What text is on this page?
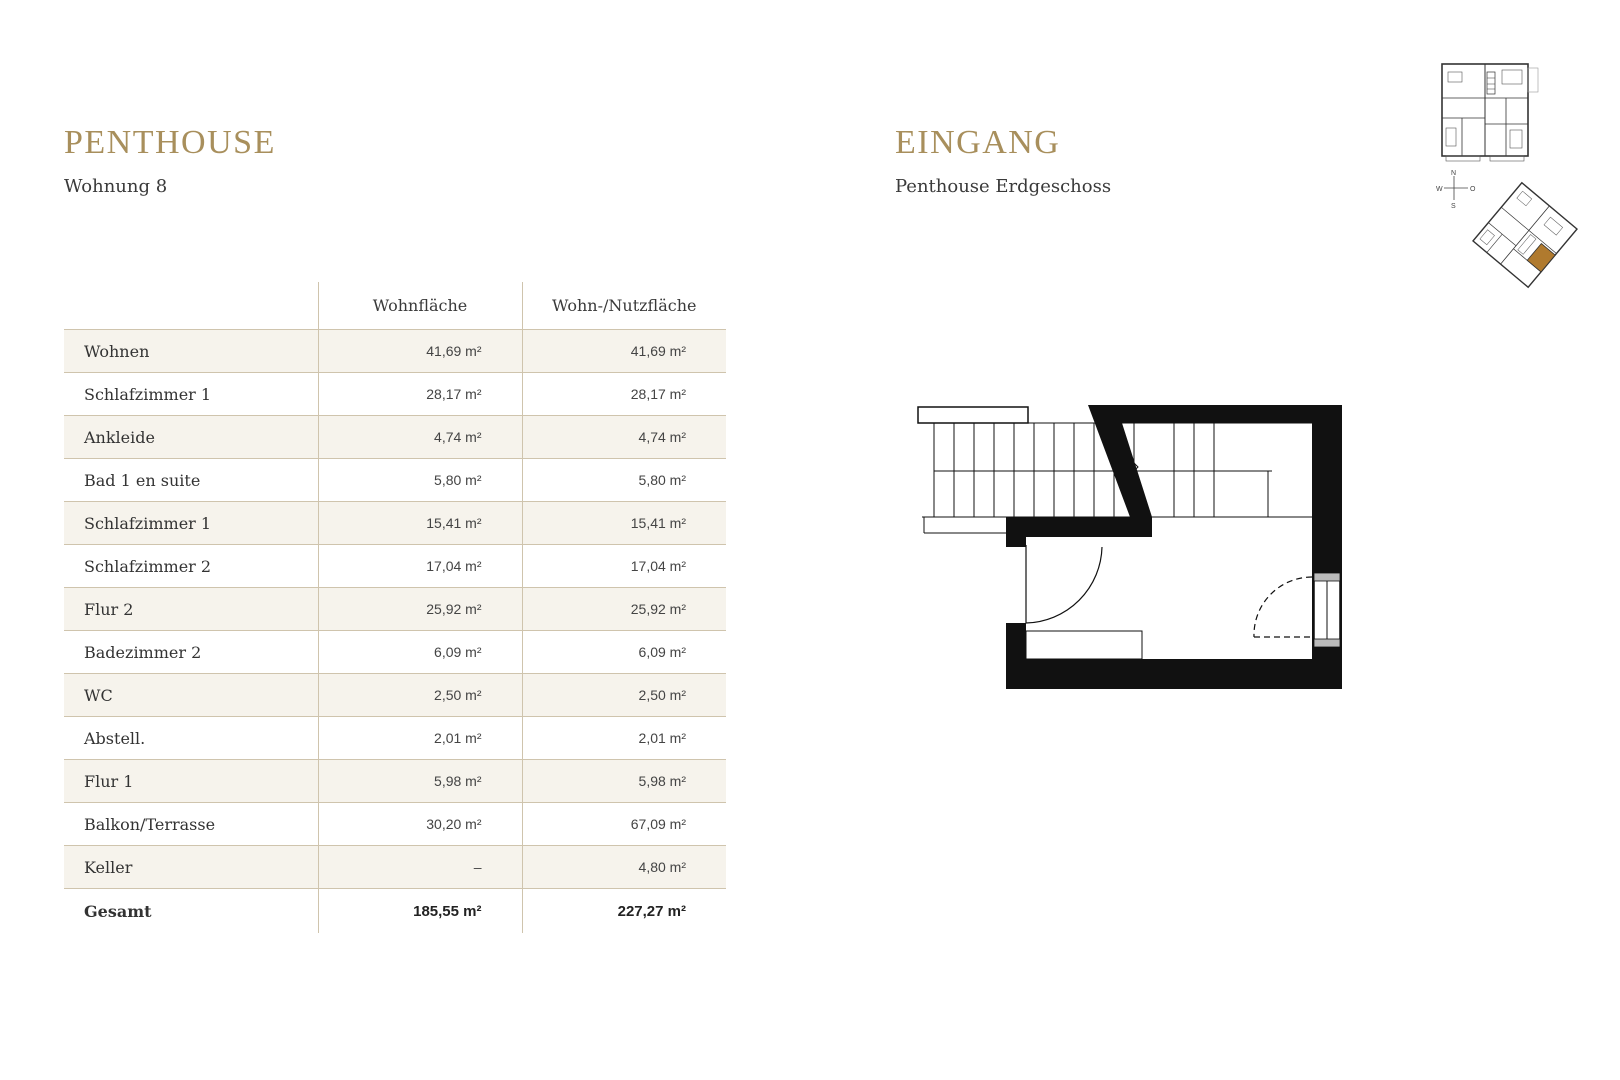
PENTHOUSE
Wohnung 8
EINGANG
Penthouse Erdgeschoss
	Wohnfläche	Wohn-/Nutzfläche
Wohnen	41,69 m²	41,69 m²
Schlafzimmer 1	28,17 m²	28,17 m²
Ankleide	4,74 m²	4,74 m²
Bad 1 en suite	5,80 m²	5,80 m²
Schlafzimmer 1	15,41 m²	15,41 m²
Schlafzimmer 2	17,04 m²	17,04 m²
Flur 2	25,92 m²	25,92 m²
Badezimmer 2	6,09 m²	6,09 m²
WC	2,50 m²	2,50 m²
Abstell.	2,01 m²	2,01 m²
Flur 1	5,98 m²	5,98 m²
Balkon/Terrasse	30,20 m²	67,09 m²
Keller	–	4,80 m²
Gesamt	185,55 m²	227,27 m²
N
W	O
S
